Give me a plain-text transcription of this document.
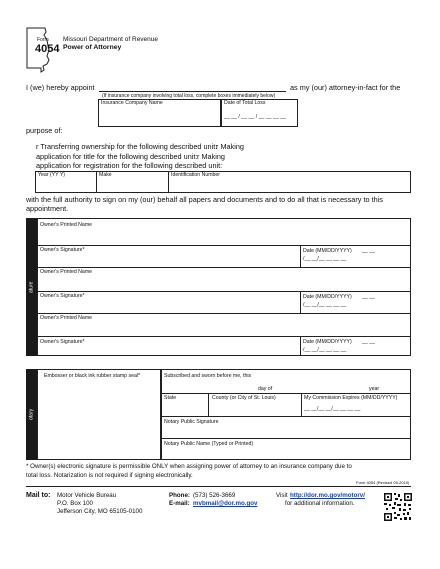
Form
4054
Missouri Department of Revenue
Power of Attorney
I (we) hereby appoint	as my (our) attorney-in-fact for the
(If insurance company involving total loss, complete boxes immediately below)
Insurance Company Name	Date of Total Loss
__ __ / __ __ / __ __ __ __
purpose of:
r Transferring ownership for the following described unit:
r Making
application for title for the following described unit: r Making
application for registration for the following described unit:
Year (YY Y)	Make	Identification Number
with the full authority to sign on my (our) behalf all papers and documents and to do all that is necessary to this
appointment.
ature
Owner's Printed Name
Owner's Signature*	Date (MM/DD/YYYY) __ __
/__ __/__ __ __ __
Owner's Printed Name
Owner's Signature*	Date (MM/DD/YYYY) __ __
/__ __/__ __ __ __
Owner's Printed Name
Owner's Signature*	Date (MM/DD/YYYY) __ __
/__ __/__ __ __ __
otary
Embosser or black ink rubber stamp seal*	Subscribed and sworn before me, this
day of	year
State	County (or City of St. Louis)	My Commission Expires (MM/DD/YYYY)
__ __/__ __/__ __ __ __
Notary Public Signature
Notary Public Name (Typed or Printed)
* Owner(s) electronic signature is permissible ONLY when assigning power of attorney to an insurance company due to
total loss. Notarization is not required if signing electronically.
Form 4054 (Revised 09-2019)
Mail to: Motor Vehicle Bureau
P.O. Box 100
Jefferson City, MO 65105-0100
Phone: (573) 526-3669
E-mail: mvbmail@dor.mo.gov
Visit http://dor.mo.gov/motorv/
for additional information.
